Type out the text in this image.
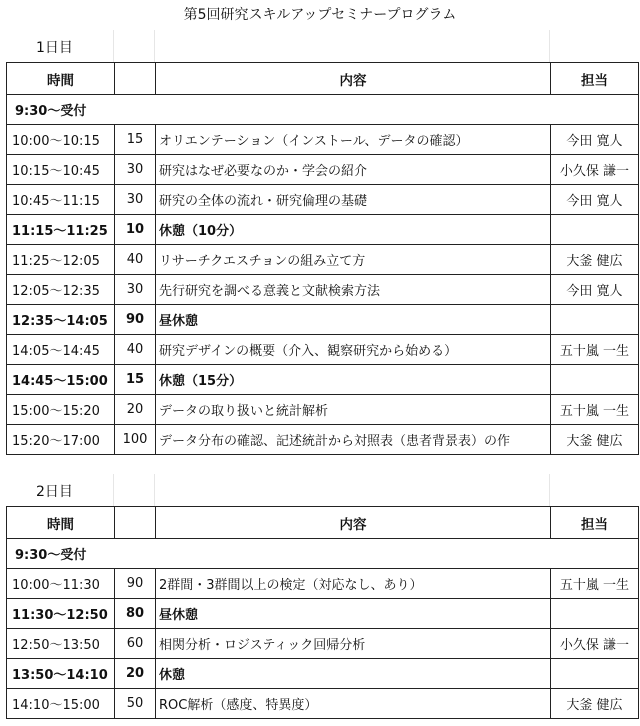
第5回研究スキルアップセミナープログラム
1日目
時間		内容	担当
9:30〜受付			
10:00〜10:15	15	オリエンテーション（インストール、データの確認）	今田 寛人
10:15〜10:45	30	研究はなぜ必要なのか・学会の紹介	小久保 謙一
10:45〜11:15	30	研究の全体の流れ・研究倫理の基礎	今田 寛人
11:15〜11:25	10	休憩（10分）	
11:25〜12:05	40	リサーチクエスチョンの組み立て方	大釜 健広
12:05〜12:35	30	先行研究を調べる意義と文献検索方法	今田 寛人
12:35〜14:05	90	昼休憩	
14:05〜14:45	40	研究デザインの概要（介入、観察研究から始める）	五十嵐 一生
14:45〜15:00	15	休憩（15分）	
15:00〜15:20	20	データの取り扱いと統計解析	五十嵐 一生
15:20〜17:00	100	データ分布の確認、記述統計から対照表（患者背景表）の作	大釜 健広
2日目
時間		内容	担当
9:30〜受付			
10:00〜11:30	90	2群間・3群間以上の検定（対応なし、あり）	五十嵐 一生
11:30〜12:50	80	昼休憩	
12:50〜13:50	60	相関分析・ロジスティック回帰分析	小久保 謙一
13:50〜14:10	20	休憩	
14:10〜15:00	50	ROC解析（感度、特異度）	大釜 健広
